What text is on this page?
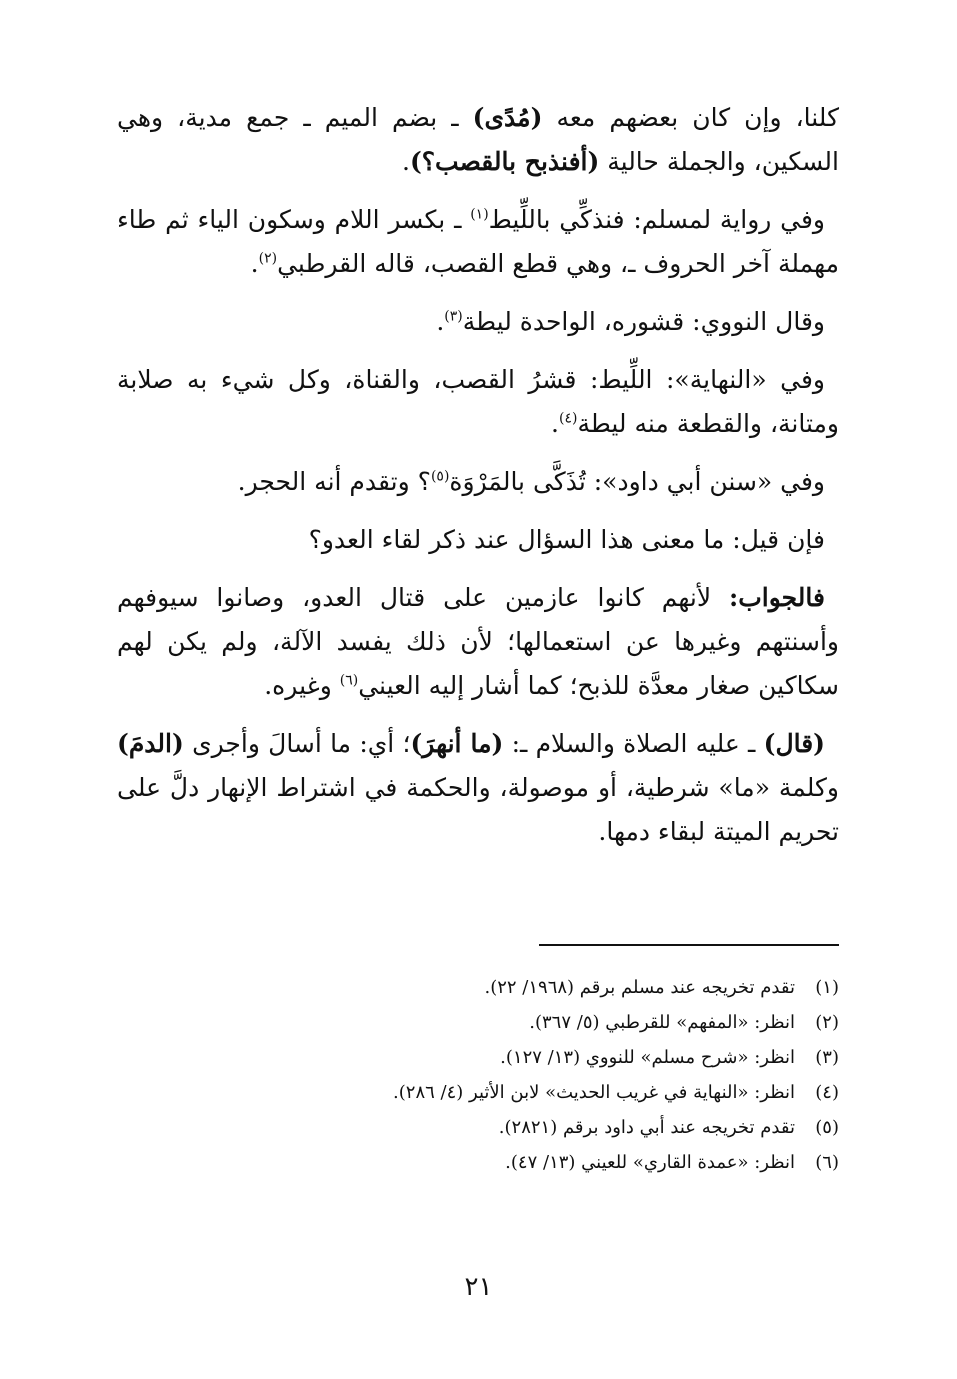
كلنا، وإن كان بعضهم معه (مُدًى) ـ بضم الميم ـ جمع مدية، وهي السكين، والجملة حالية (أفنذبح بالقصب؟).

وفي رواية لمسلم: فنذكِّي باللِّيط$^{(١)}$ ـ بكسر اللام وسكون الياء ثم طاء مهملة آخر الحروف ـ، وهي قطع القصب، قاله القرطبي$^{(٢)}$.

وقال النووي: قشوره، الواحدة ليطة$^{(٣)}$.

وفي «النهاية»: اللِّيط: قشرُ القصب، والقناة، وكل شيء به صلابة ومتانة، والقطعة منه ليطة$^{(٤)}$.

وفي «سنن أبي داود»: تُذَكَّى بالمَرْوَة$^{(٥)}$؟ وتقدم أنه الحجر.

فإن قيل: ما معنى هذا السؤال عند ذكر لقاء العدو؟

فالجواب: لأنهم كانوا عازمين على قتال العدو، وصانوا سيوفهم وأسنتهم وغيرها عن استعمالها؛ لأن ذلك يفسد الآلة، ولم يكن لهم سكاكين صغار معدَّة للذبح؛ كما أشار إليه العيني$^{(٦)}$ وغيره.

(قال) ـ عليه الصلاة والسلام ـ: (ما أنهرَ)؛ أي: ما أسالَ وأجرى (الدمَ) وكلمة «ما» شرطية، أو موصولة، والحكمة في اشتراط الإنهار دلَّ على تحريم الميتة لبقاء دمها.

(١)
تقدم تخريجه عند مسلم برقم (١٩٦٨/ ٢٢).
(٢)
انظر: «المفهم» للقرطبي (٥/ ٣٦٧).
(٣)
انظر: «شرح مسلم» للنووي (١٣/ ١٢٧).
(٤)
انظر: «النهاية في غريب الحديث» لابن الأثير (٤/ ٢٨٦).
(٥)
تقدم تخريجه عند أبي داود برقم (٢٨٢١).
(٦)
انظر: «عمدة القاري» للعيني (١٣/ ٤٧).
٢١
